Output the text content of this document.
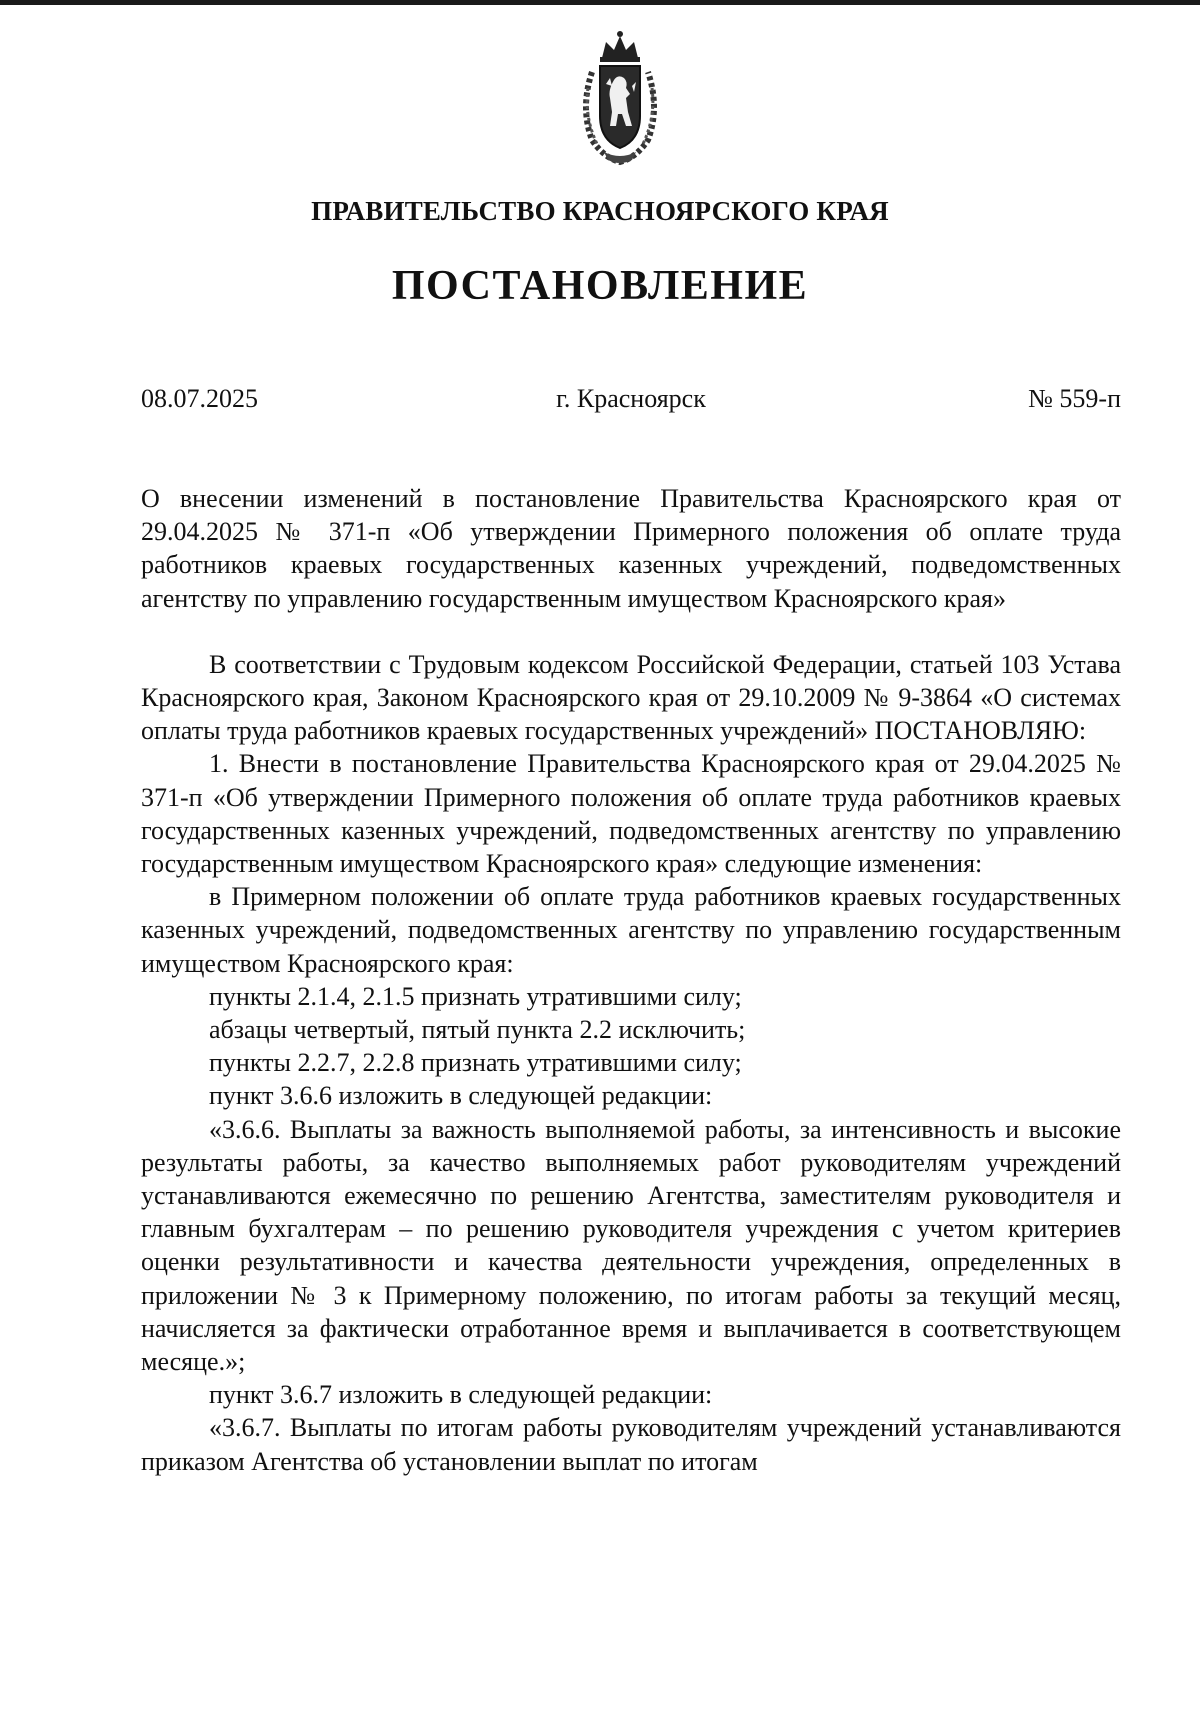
ПРАВИТЕЛЬСТВО КРАСНОЯРСКОГО КРАЯ
ПОСТАНОВЛЕНИЕ
г. Красноярск
08.07.2025	№ 559-п
О внесении изменений в постановление Правительства Красноярского края от 29.04.2025 № 371-п «Об утверждении Примерного положения об оплате труда работников краевых государственных казенных учреждений, подведомственных агентству по управлению государственным имуществом Красноярского края»

В соответствии с Трудовым кодексом Российской Федерации, статьей 103 Устава Красноярского края, Законом Красноярского края от 29.10.2009 № 9-3864 «О системах оплаты труда работников краевых государственных учреждений» ПОСТАНОВЛЯЮ:

1. Внести в постановление Правительства Красноярского края от 29.04.2025 № 371-п «Об утверждении Примерного положения об оплате труда работников краевых государственных казенных учреждений, подведомственных агентству по управлению государственным имуществом Красноярского края» следующие изменения:

в Примерном положении об оплате труда работников краевых государственных казенных учреждений, подведомственных агентству по управлению государственным имуществом Красноярского края:

пункты 2.1.4, 2.1.5 признать утратившими силу;

абзацы четвертый, пятый пункта 2.2 исключить;

пункты 2.2.7, 2.2.8 признать утратившими силу;

пункт 3.6.6 изложить в следующей редакции:

«3.6.6. Выплаты за важность выполняемой работы, за интенсивность и высокие результаты работы, за качество выполняемых работ руководителям учреждений устанавливаются ежемесячно по решению Агентства, заместителям руководителя и главным бухгалтерам – по решению руководителя учреждения с учетом критериев оценки результативности и качества деятельности учреждения, определенных в приложении № 3 к Примерному положению, по итогам работы за текущий месяц, начисляется за фактически отработанное время и выплачивается в соответствующем месяце.»;

пункт 3.6.7 изложить в следующей редакции:

«3.6.7. Выплаты по итогам работы руководителям учреждений устанавливаются приказом Агентства об установлении выплат по итогам
